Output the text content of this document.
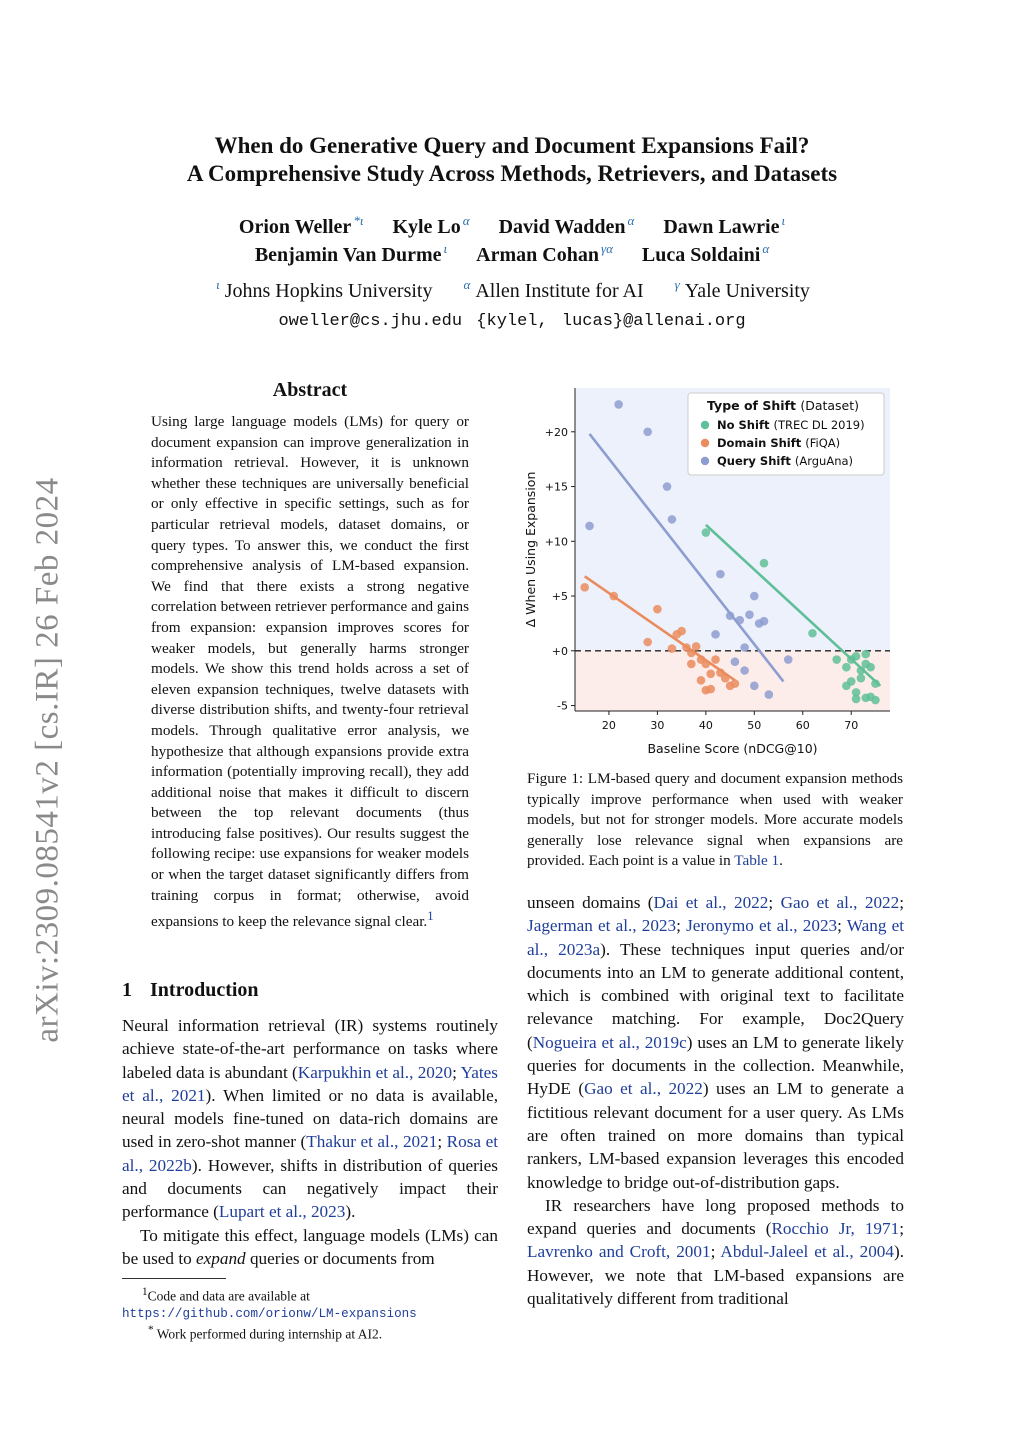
arXiv:2309.08541v2 [cs.IR] 26 Feb 2024
When do Generative Query and Document Expansions Fail?
A Comprehensive Study Across Methods, Retrievers, and Datasets
Orion Weller $^{*\iota}$ Kyle Lo $^\alpha$ David Wadden $^\alpha$ Dawn Lawrie $^\iota$
Benjamin Van Durme $^\iota$ Arman Cohan $^{\gamma\alpha}$ Luca Soldaini $^\alpha$
$^\iota$ Johns Hopkins University $^\alpha$ Allen Institute for AI $^\gamma$ Yale University
oweller@cs.jhu.edu {kylel, lucas}@allenai.org
Abstract
Using large language models (LMs) for query or document expansion can improve generalization in information retrieval. However, it is unknown whether these techniques are universally beneficial or only effective in specific settings, such as for particular retrieval models, dataset domains, or query types. To answer this, we conduct the first comprehensive analysis of LM-based expansion. We find that there exists a strong negative correlation between retriever performance and gains from expansion: expansion improves scores for weaker models, but generally harms stronger models. We show this trend holds across a set of eleven expansion techniques, twelve datasets with diverse distribution shifts, and twenty-four retrieval models. Through qualitative error analysis, we hypothesize that although expansions provide extra information (potentially improving recall), they add additional noise that makes it difficult to discern between the top relevant documents (thus introducing false positives). Our results suggest the following recipe: use expansions for weaker models or when the target dataset significantly differs from training corpus in format; otherwise, avoid expansions to keep the relevance signal clear.$^1$
1 Introduction

Neural information retrieval (IR) systems routinely achieve state-of-the-art performance on tasks where labeled data is abundant (Karpukhin et al., 2020; Yates et al., 2021). When limited or no data is available, neural models fine-tuned on data-rich domains are used in zero-shot manner (Thakur et al., 2021; Rosa et al., 2022b). However, shifts in distribution of queries and documents can negatively impact their performance (Lupart et al., 2023).

To mitigate this effect, language models (LMs) can be used to expand queries or documents from

$^1$Code and data are available at https://github.com/orionw/LM-expansions
* Work performed during internship at AI2.
20	30	40	50	60	70
+20
+15
+10
+5
+0
-5
Baseline Score (nDCG@10)
Δ When Using Expansion
Type of Shift (Dataset)
No Shift (TREC DL 2019)
Domain Shift (FiQA)
Query Shift (ArguAna)
Figure 1: LM-based query and document expansion methods typically improve performance when used with weaker models, but not for stronger models. More accurate models generally lose relevance signal when expansions are provided. Each point is a value in Table 1.

unseen domains (Dai et al., 2022; Gao et al., 2022; Jagerman et al., 2023; Jeronymo et al., 2023; Wang et al., 2023a). These techniques input queries and/or documents into an LM to generate additional content, which is combined with original text to facilitate relevance matching. For example, Doc2Query (Nogueira et al., 2019c) uses an LM to generate likely queries for documents in the collection. Meanwhile, HyDE (Gao et al., 2022) uses an LM to generate a fictitious relevant document for a user query. As LMs are often trained on more domains than typical rankers, LM-based expansion leverages this encoded knowledge to bridge out-of-distribution gaps.

IR researchers have long proposed methods to expand queries and documents (Rocchio Jr, 1971; Lavrenko and Croft, 2001; Abdul-Jaleel et al., 2004). However, we note that LM-based expansions are qualitatively different from traditional
